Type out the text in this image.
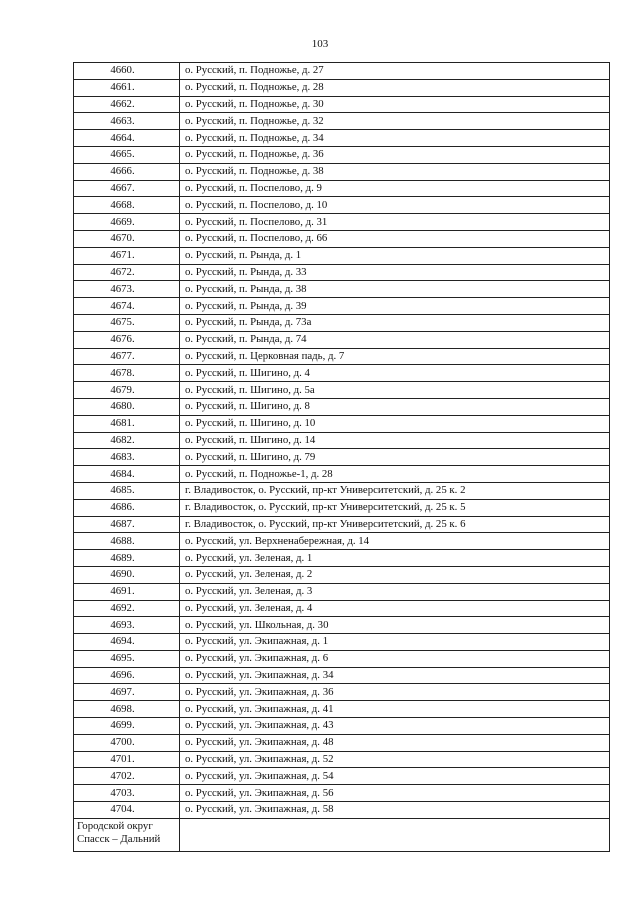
103
4660.	о. Русский, п. Подножье, д. 27
4661.	о. Русский, п. Подножье, д. 28
4662.	о. Русский, п. Подножье, д. 30
4663.	о. Русский, п. Подножье, д. 32
4664.	о. Русский, п. Подножье, д. 34
4665.	о. Русский, п. Подножье, д. 36
4666.	о. Русский, п. Подножье, д. 38
4667.	о. Русский, п. Поспелово, д. 9
4668.	о. Русский, п. Поспелово, д. 10
4669.	о. Русский, п. Поспелово, д. 31
4670.	о. Русский, п. Поспелово, д. 66
4671.	о. Русский, п. Рында, д. 1
4672.	о. Русский, п. Рында, д. 33
4673.	о. Русский, п. Рында, д. 38
4674.	о. Русский, п. Рында, д. 39
4675.	о. Русский, п. Рында, д. 73а
4676.	о. Русский, п. Рында, д. 74
4677.	о. Русский, п. Церковная падь, д. 7
4678.	о. Русский, п. Шигино, д. 4
4679.	о. Русский, п. Шигино, д. 5а
4680.	о. Русский, п. Шигино, д. 8
4681.	о. Русский, п. Шигино, д. 10
4682.	о. Русский, п. Шигино, д. 14
4683.	о. Русский, п. Шигино, д. 79
4684.	о. Русский, п. Подножье-1, д. 28
4685.	г. Владивосток, о. Русский, пр-кт Университетский, д. 25 к. 2
4686.	г. Владивосток, о. Русский, пр-кт Университетский, д. 25 к. 5
4687.	г. Владивосток, о. Русский, пр-кт Университетский, д. 25 к. 6
4688.	о. Русский, ул. Верхненабережная, д. 14
4689.	о. Русский, ул. Зеленая, д. 1
4690.	о. Русский, ул. Зеленая, д. 2
4691.	о. Русский, ул. Зеленая, д. 3
4692.	о. Русский, ул. Зеленая, д. 4
4693.	о. Русский, ул. Школьная, д. 30
4694.	о. Русский, ул. Экипажная, д. 1
4695.	о. Русский, ул. Экипажная, д. 6
4696.	о. Русский, ул. Экипажная, д. 34
4697.	о. Русский, ул. Экипажная, д. 36
4698.	о. Русский, ул. Экипажная, д. 41
4699.	о. Русский, ул. Экипажная, д. 43
4700.	о. Русский, ул. Экипажная, д. 48
4701.	о. Русский, ул. Экипажная, д. 52
4702.	о. Русский, ул. Экипажная, д. 54
4703.	о. Русский, ул. Экипажная, д. 56
4704.	о. Русский, ул. Экипажная, д. 58
Городской округ
Спасск – Дальний	
